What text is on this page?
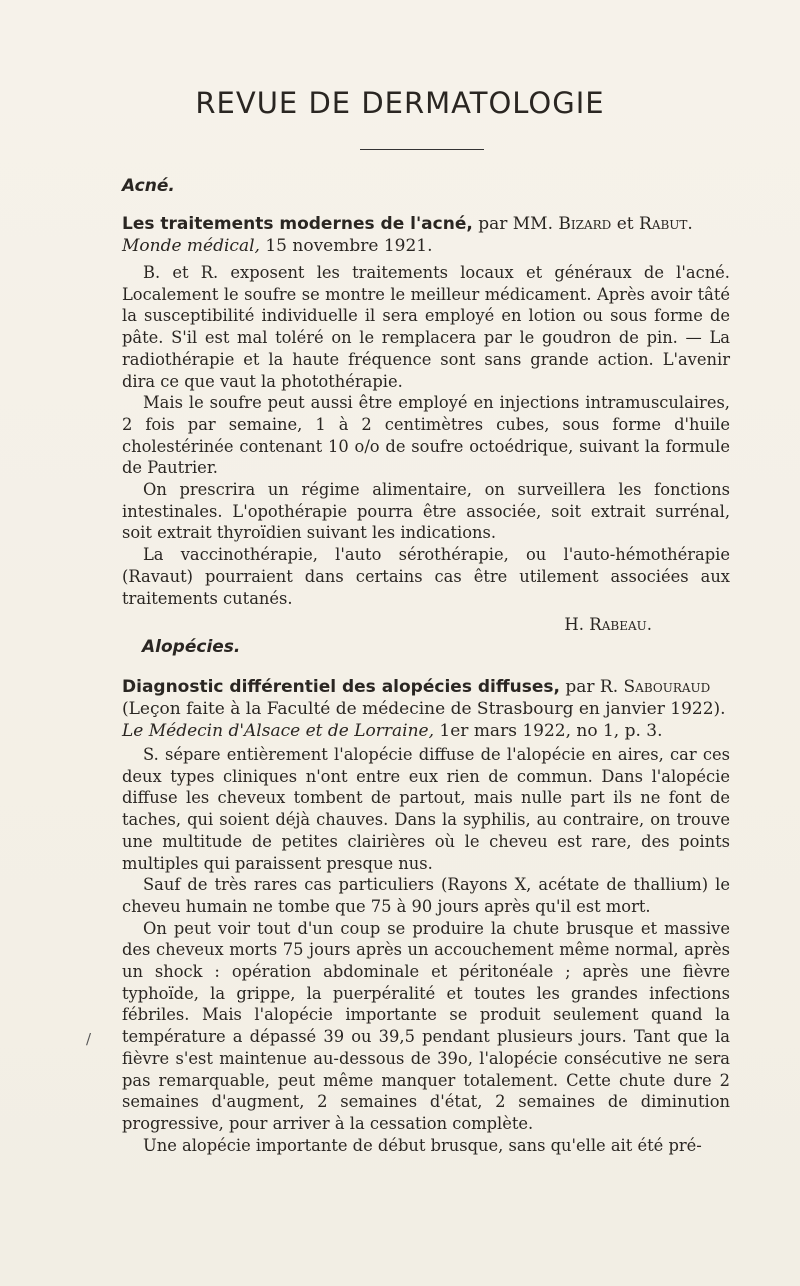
REVUE DE DERMATOLOGIE
Acné.

Les traitements modernes de l'acné, par MM. Bizard et Rabut. Monde médical, 15 novembre 1921.

B. et R. exposent les traitements locaux et généraux de l'acné. Localement le soufre se montre le meilleur médicament. Après avoir tâté la susceptibilité individuelle il sera employé en lotion ou sous forme de pâte. S'il est mal toléré on le remplacera par le goudron de pin. — La radiothérapie et la haute fréquence sont sans grande action. L'avenir dira ce que vaut la photothérapie.

Mais le soufre peut aussi être employé en injections intramusculaires, 2 fois par semaine, 1 à 2 centimètres cubes, sous forme d'huile cholestérinée contenant 10 o/o de soufre octoédrique, suivant la formule de Pautrier.

On prescrira un régime alimentaire, on surveillera les fonctions intestinales. L'opothérapie pourra être associée, soit extrait surrénal, soit extrait thyroïdien suivant les indications.

La vaccinothérapie, l'auto sérothérapie, ou l'auto-hémothérapie (Ravaut) pourraient dans certains cas être utilement associées aux traitements cutanés.

H. Rabeau.

Alopécies.

Diagnostic différentiel des alopécies diffuses, par R. Sabouraud (Leçon faite à la Faculté de médecine de Strasbourg en janvier 1922). Le Médecin d'Alsace et de Lorraine, 1er mars 1922, no 1, p. 3.

S. sépare entièrement l'alopécie diffuse de l'alopécie en aires, car ces deux types cliniques n'ont entre eux rien de commun. Dans l'alopécie diffuse les cheveux tombent de partout, mais nulle part ils ne font de taches, qui soient déjà chauves. Dans la syphilis, au contraire, on trouve une multitude de petites clairières où le cheveu est rare, des points multiples qui paraissent presque nus.

Sauf de très rares cas particuliers (Rayons X, acétate de thallium) le cheveu humain ne tombe que 75 à 90 jours après qu'il est mort.

On peut voir tout d'un coup se produire la chute brusque et massive des cheveux morts 75 jours après un accouchement même normal, après un shock : opération abdominale et péritonéale ; après une fièvre typhoïde, la grippe, la puerpéralité et toutes les grandes infections fébriles. Mais l'alopécie importante se produit seulement quand la température a dépassé 39 ou 39,5 pendant plusieurs jours. Tant que la fièvre s'est maintenue au-dessous de 39o, l'alopécie consécutive ne sera pas remarquable, peut même manquer totalement. Cette chute dure 2 semaines d'augment, 2 semaines d'état, 2 semaines de diminution progressive, pour arriver à la cessation complète.

Une alopécie importante de début brusque, sans qu'elle ait été pré-

/
